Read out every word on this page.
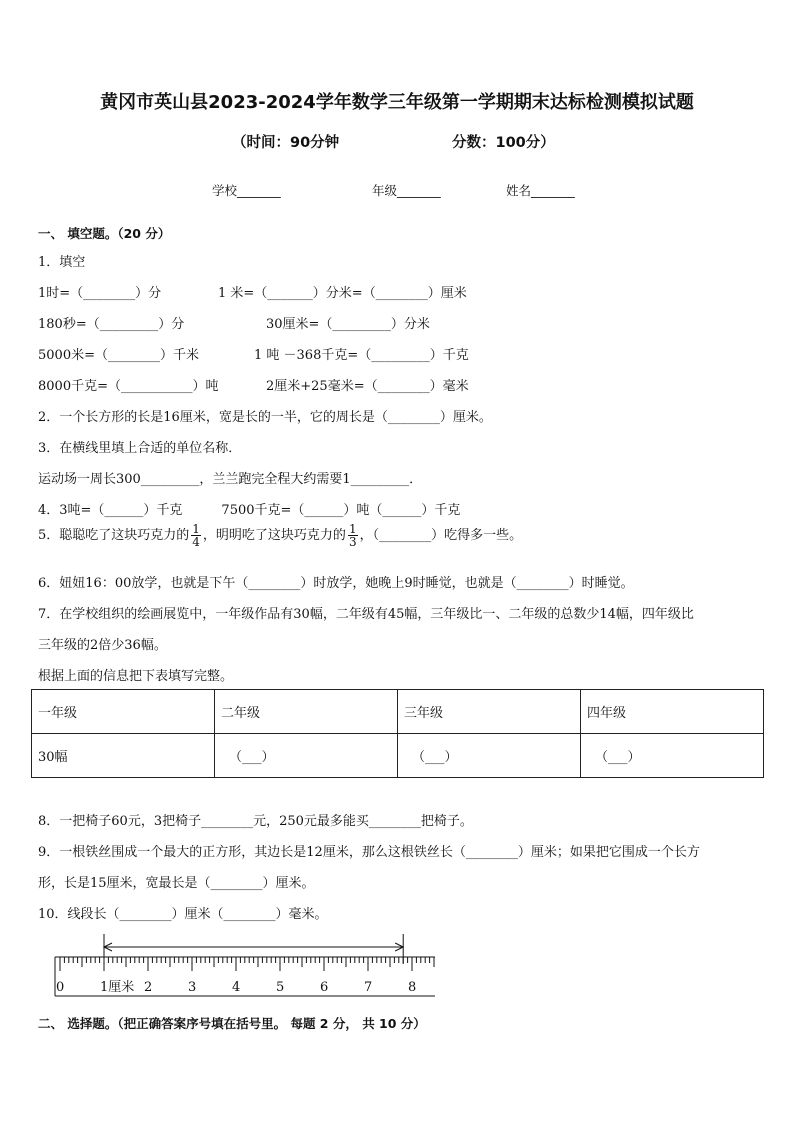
黄冈市英山县2023-2024学年数学三年级第一学期期末达标检测模拟试题
（时间：90分钟	分数：100分）
学校_______	年级_______	姓名_______
一、 填空题。（20 分）
1．填空
1时=（________）分	1 米=（_______）分米=（________）厘米
180秒=（_________）分	30厘米=（_________）分米
5000米=（________）千米	1 吨 －368千克=（_________）千克
8000千克=（___________）吨	2厘米+25毫米=（________）毫米
2．一个长方形的长是16厘米，宽是长的一半，它的周长是（________）厘米。
3．在横线里填上合适的单位名称．
运动场一周长300_________，兰兰跑完全程大约需要1_________．
4．3吨=（______）千克　　　7500千克=（______）吨（______）千克
5．聪聪吃了这块巧克力的 $\frac{1}{4}$ ，明明吃了这块巧克力的 $\frac{1}{3}$ ，（________）吃得多一些。
6．妞妞16：00放学，也就是下午（________）时放学，她晚上9时睡觉，也就是（________）时睡觉。
7．在学校组织的绘画展览中，一年级作品有30幅，二年级有45幅，三年级比一、二年级的总数少14幅，四年级比
三年级的2倍少36幅。
根据上面的信息把下表填写完整。
一年级	二年级	三年级	四年级
30幅	（___）	（___）	（___）
8．一把椅子60元，3把椅子________元，250元最多能买________把椅子。
9．一根铁丝围成一个最大的正方形，其边长是12厘米，那么这根铁丝长（________）厘米；如果把它围成一个长方
形，长是15厘米，宽最长是（________）厘米。
10．线段长（________）厘米（________）毫米。
0	1厘米 2	3	4	5	6	7	8
二、 选择题。（把正确答案序号填在括号里。 每题 2 分， 共 10 分）
